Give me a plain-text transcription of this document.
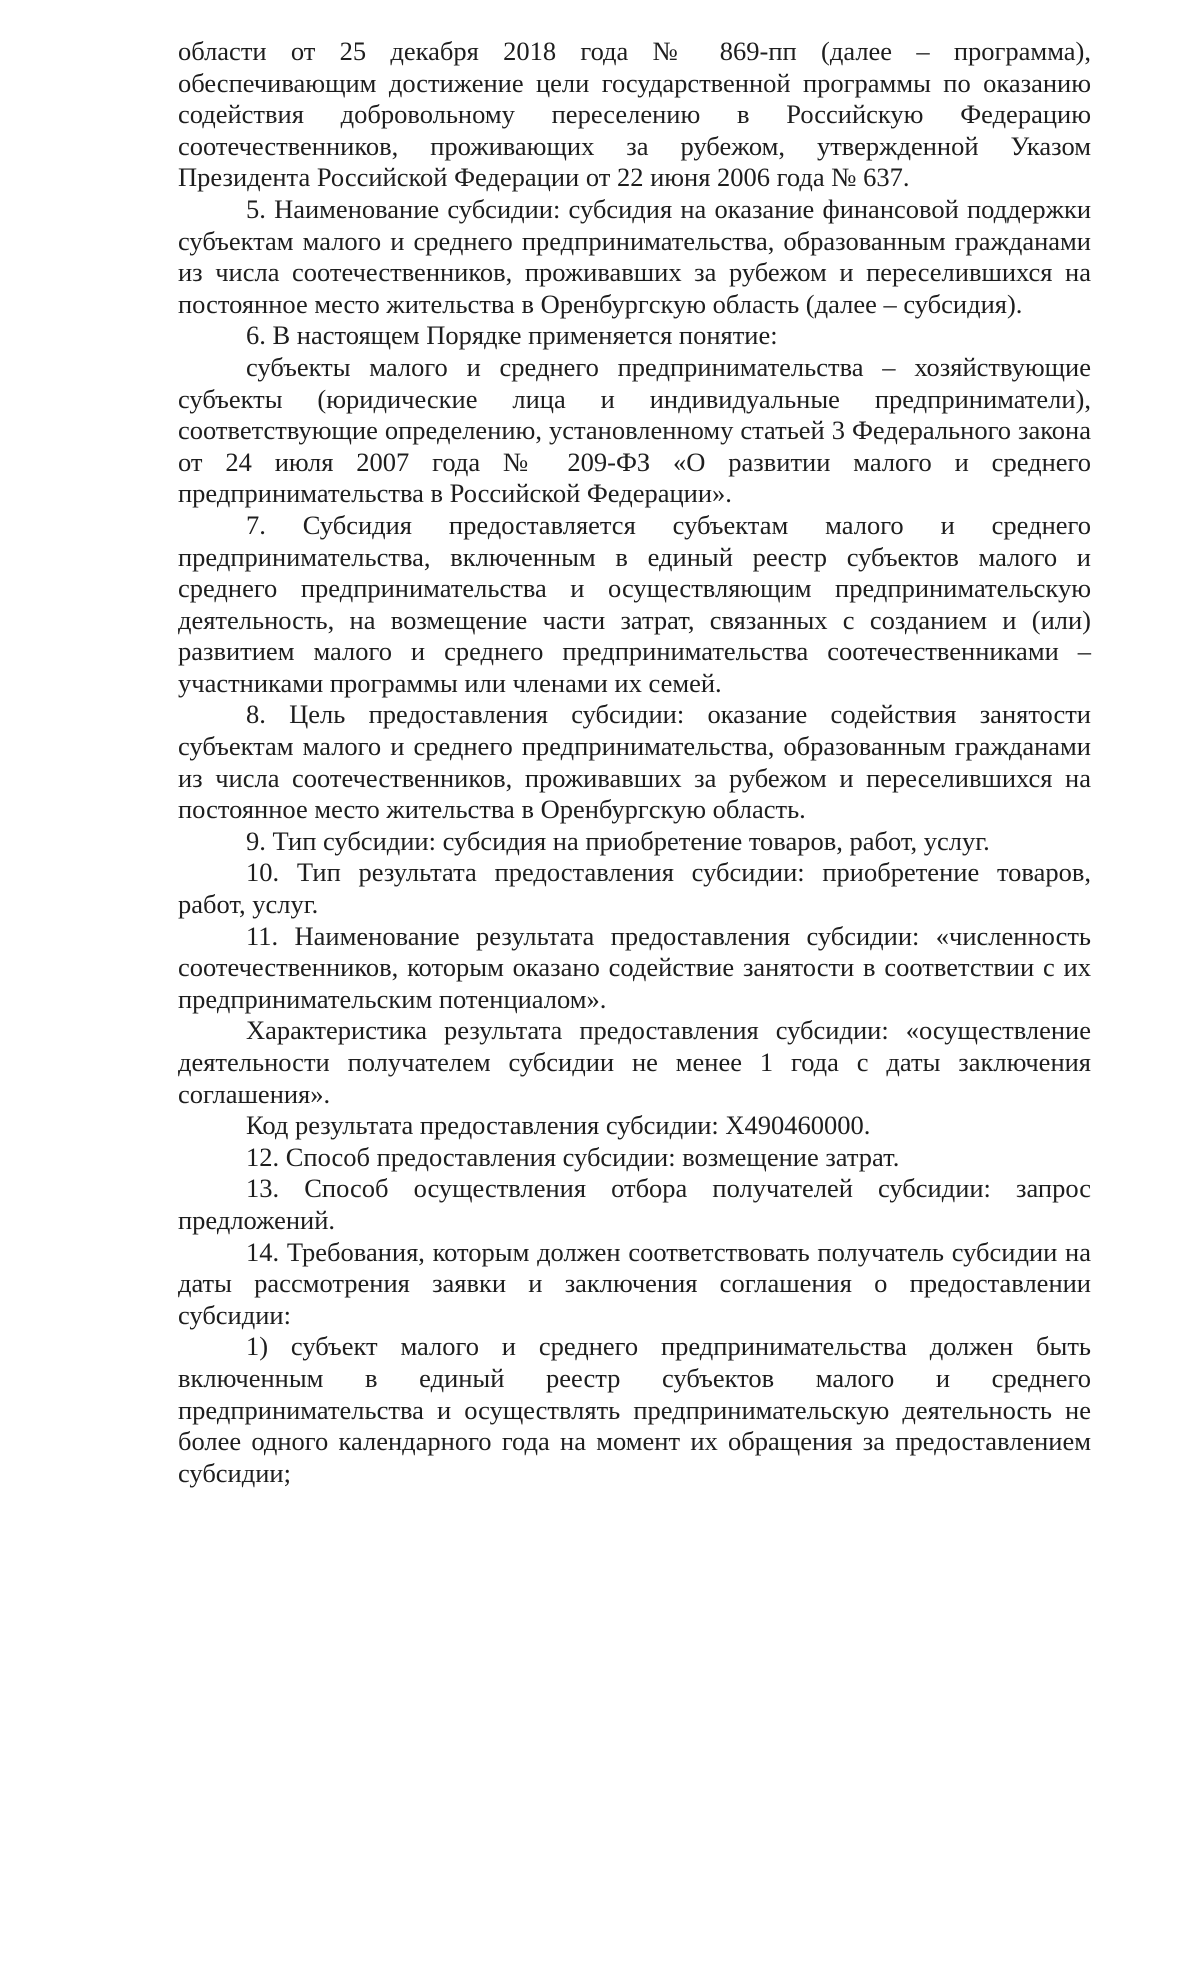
области от 25 декабря 2018 года № 869-пп (далее – программа), обеспечивающим достижение цели государственной программы по оказанию содействия добровольному переселению в Российскую Федерацию соотечественников, проживающих за рубежом, утвержденной Указом Президента Российской Федерации от 22 июня 2006 года № 637.

5. Наименование субсидии: субсидия на оказание финансовой поддержки субъектам малого и среднего предпринимательства, образованным гражданами из числа соотечественников, проживавших за рубежом и переселившихся на постоянное место жительства в Оренбургскую область (далее – субсидия).

6. В настоящем Порядке применяется понятие:

субъекты малого и среднего предпринимательства – хозяйствующие субъекты (юридические лица и индивидуальные предприниматели), соответствующие определению, установленному статьей 3 Федерального закона от 24 июля 2007 года № 209-ФЗ «О развитии малого и среднего предпринимательства в Российской Федерации».

7. Субсидия предоставляется субъектам малого и среднего предпринимательства, включенным в единый реестр субъектов малого и среднего предпринимательства и осуществляющим предпринимательскую деятельность, на возмещение части затрат, связанных с созданием и (или) развитием малого и среднего предпринимательства соотечественниками – участниками программы или членами их семей.

8. Цель предоставления субсидии: оказание содействия занятости субъектам малого и среднего предпринимательства, образованным гражданами из числа соотечественников, проживавших за рубежом и переселившихся на постоянное место жительства в Оренбургскую область.

9. Тип субсидии: субсидия на приобретение товаров, работ, услуг.

10. Тип результата предоставления субсидии: приобретение товаров, работ, услуг.

11. Наименование результата предоставления субсидии: «численность соотечественников, которым оказано содействие занятости в соответствии с их предпринимательским потенциалом».

Характеристика результата предоставления субсидии: «осуществление деятельности получателем субсидии не менее 1 года с даты заключения соглашения».

Код результата предоставления субсидии: X490460000.

12. Способ предоставления субсидии: возмещение затрат.

13. Способ осуществления отбора получателей субсидии: запрос предложений.

14. Требования, которым должен соответствовать получатель субсидии на даты рассмотрения заявки и заключения соглашения о предоставлении субсидии:

1) субъект малого и среднего предпринимательства должен быть включенным в единый реестр субъектов малого и среднего предпринимательства и осуществлять предпринимательскую деятельность не более одного календарного года на момент их обращения за предоставлением субсидии;
